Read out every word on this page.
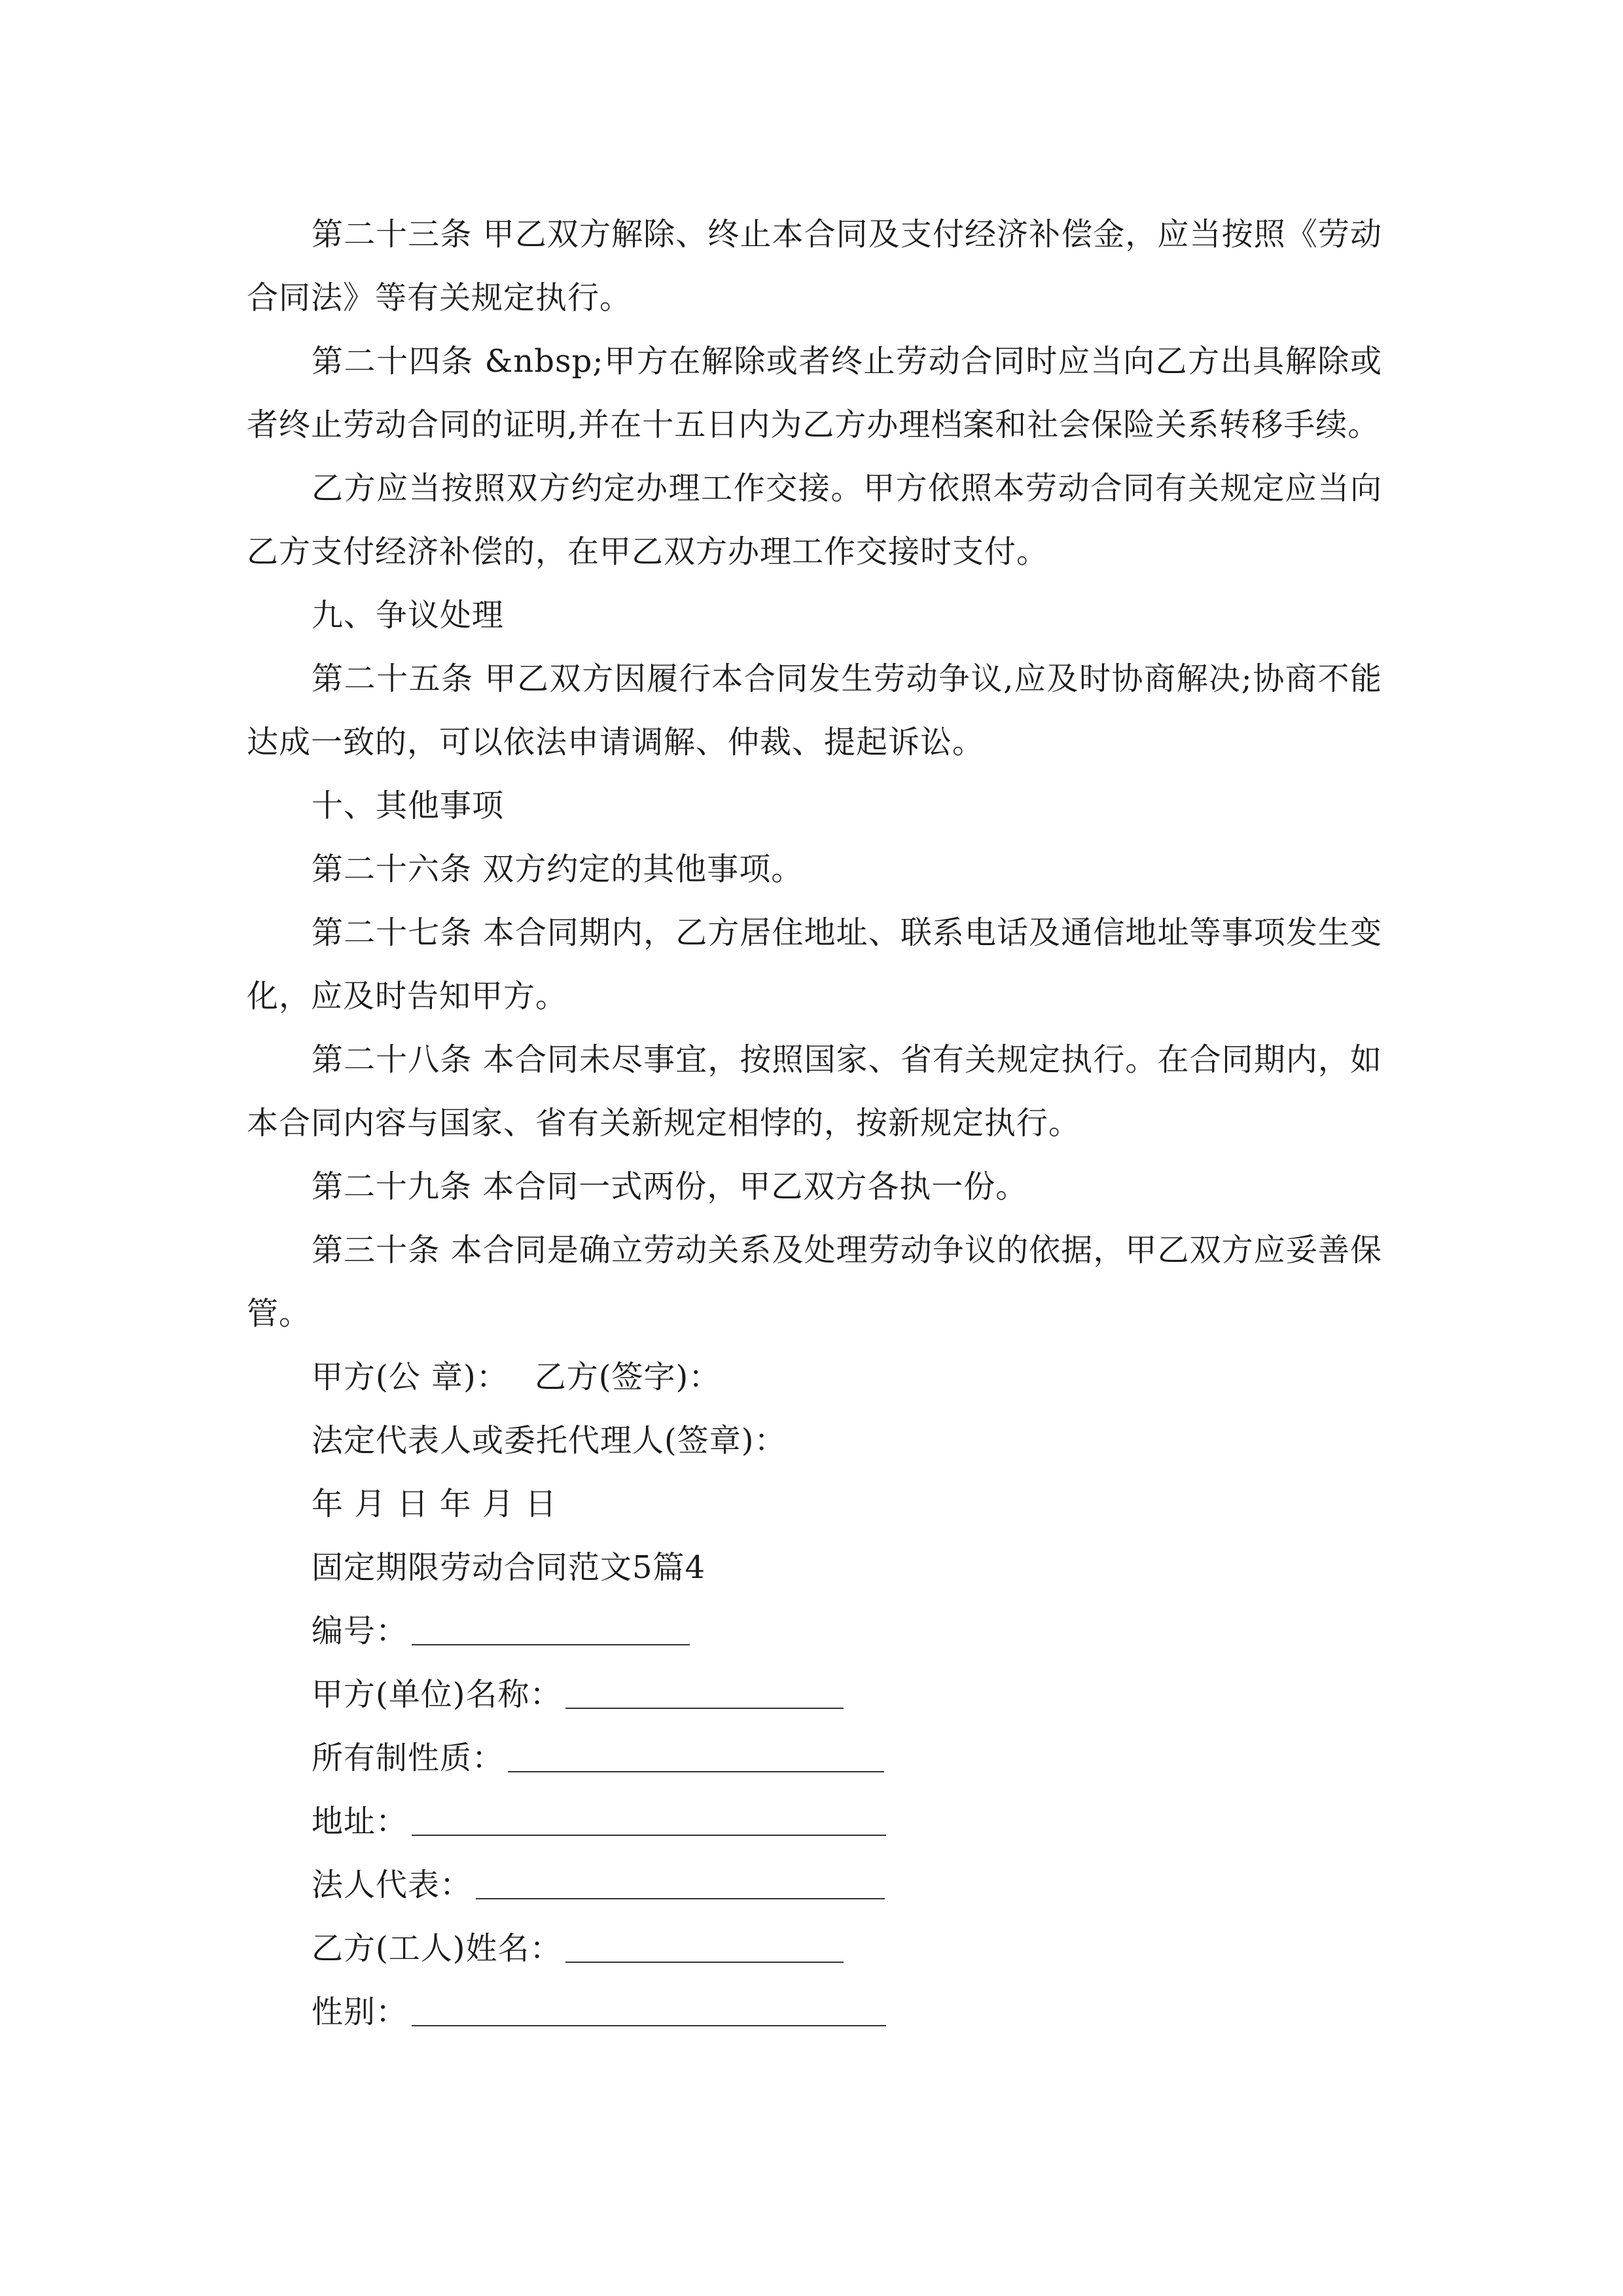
第二十三条 甲乙双方解除、终止本合同及支付经济补偿金，应当按照《劳动合同法》等有关规定执行。

第二十四条 &nbsp;甲方在解除或者终止劳动合同时应当向乙方出具解除或者终止劳动合同的证明,并在十五日内为乙方办理档案和社会保险关系转移手续。

乙方应当按照双方约定办理工作交接。甲方依照本劳动合同有关规定应当向乙方支付经济补偿的，在甲乙双方办理工作交接时支付。

九、争议处理

第二十五条 甲乙双方因履行本合同发生劳动争议,应及时协商解决;协商不能达成一致的，可以依法申请调解、仲裁、提起诉讼。

十、其他事项

第二十六条 双方约定的其他事项。

第二十七条 本合同期内，乙方居住地址、联系电话及通信地址等事项发生变化，应及时告知甲方。

第二十八条 本合同未尽事宜，按照国家、省有关规定执行。在合同期内，如本合同内容与国家、省有关新规定相悖的，按新规定执行。

第二十九条 本合同一式两份，甲乙双方各执一份。

第三十条 本合同是确立劳动关系及处理劳动争议的依据，甲乙双方应妥善保管。

甲方(公 章)： 乙方(签字)：

法定代表人或委托代理人(签章)：

年 月 日 年 月 日

固定期限劳动合同范文5篇4

编号：

甲方(单位)名称：

所有制性质：

地址：

法人代表：

乙方(工人)姓名：

性别：
